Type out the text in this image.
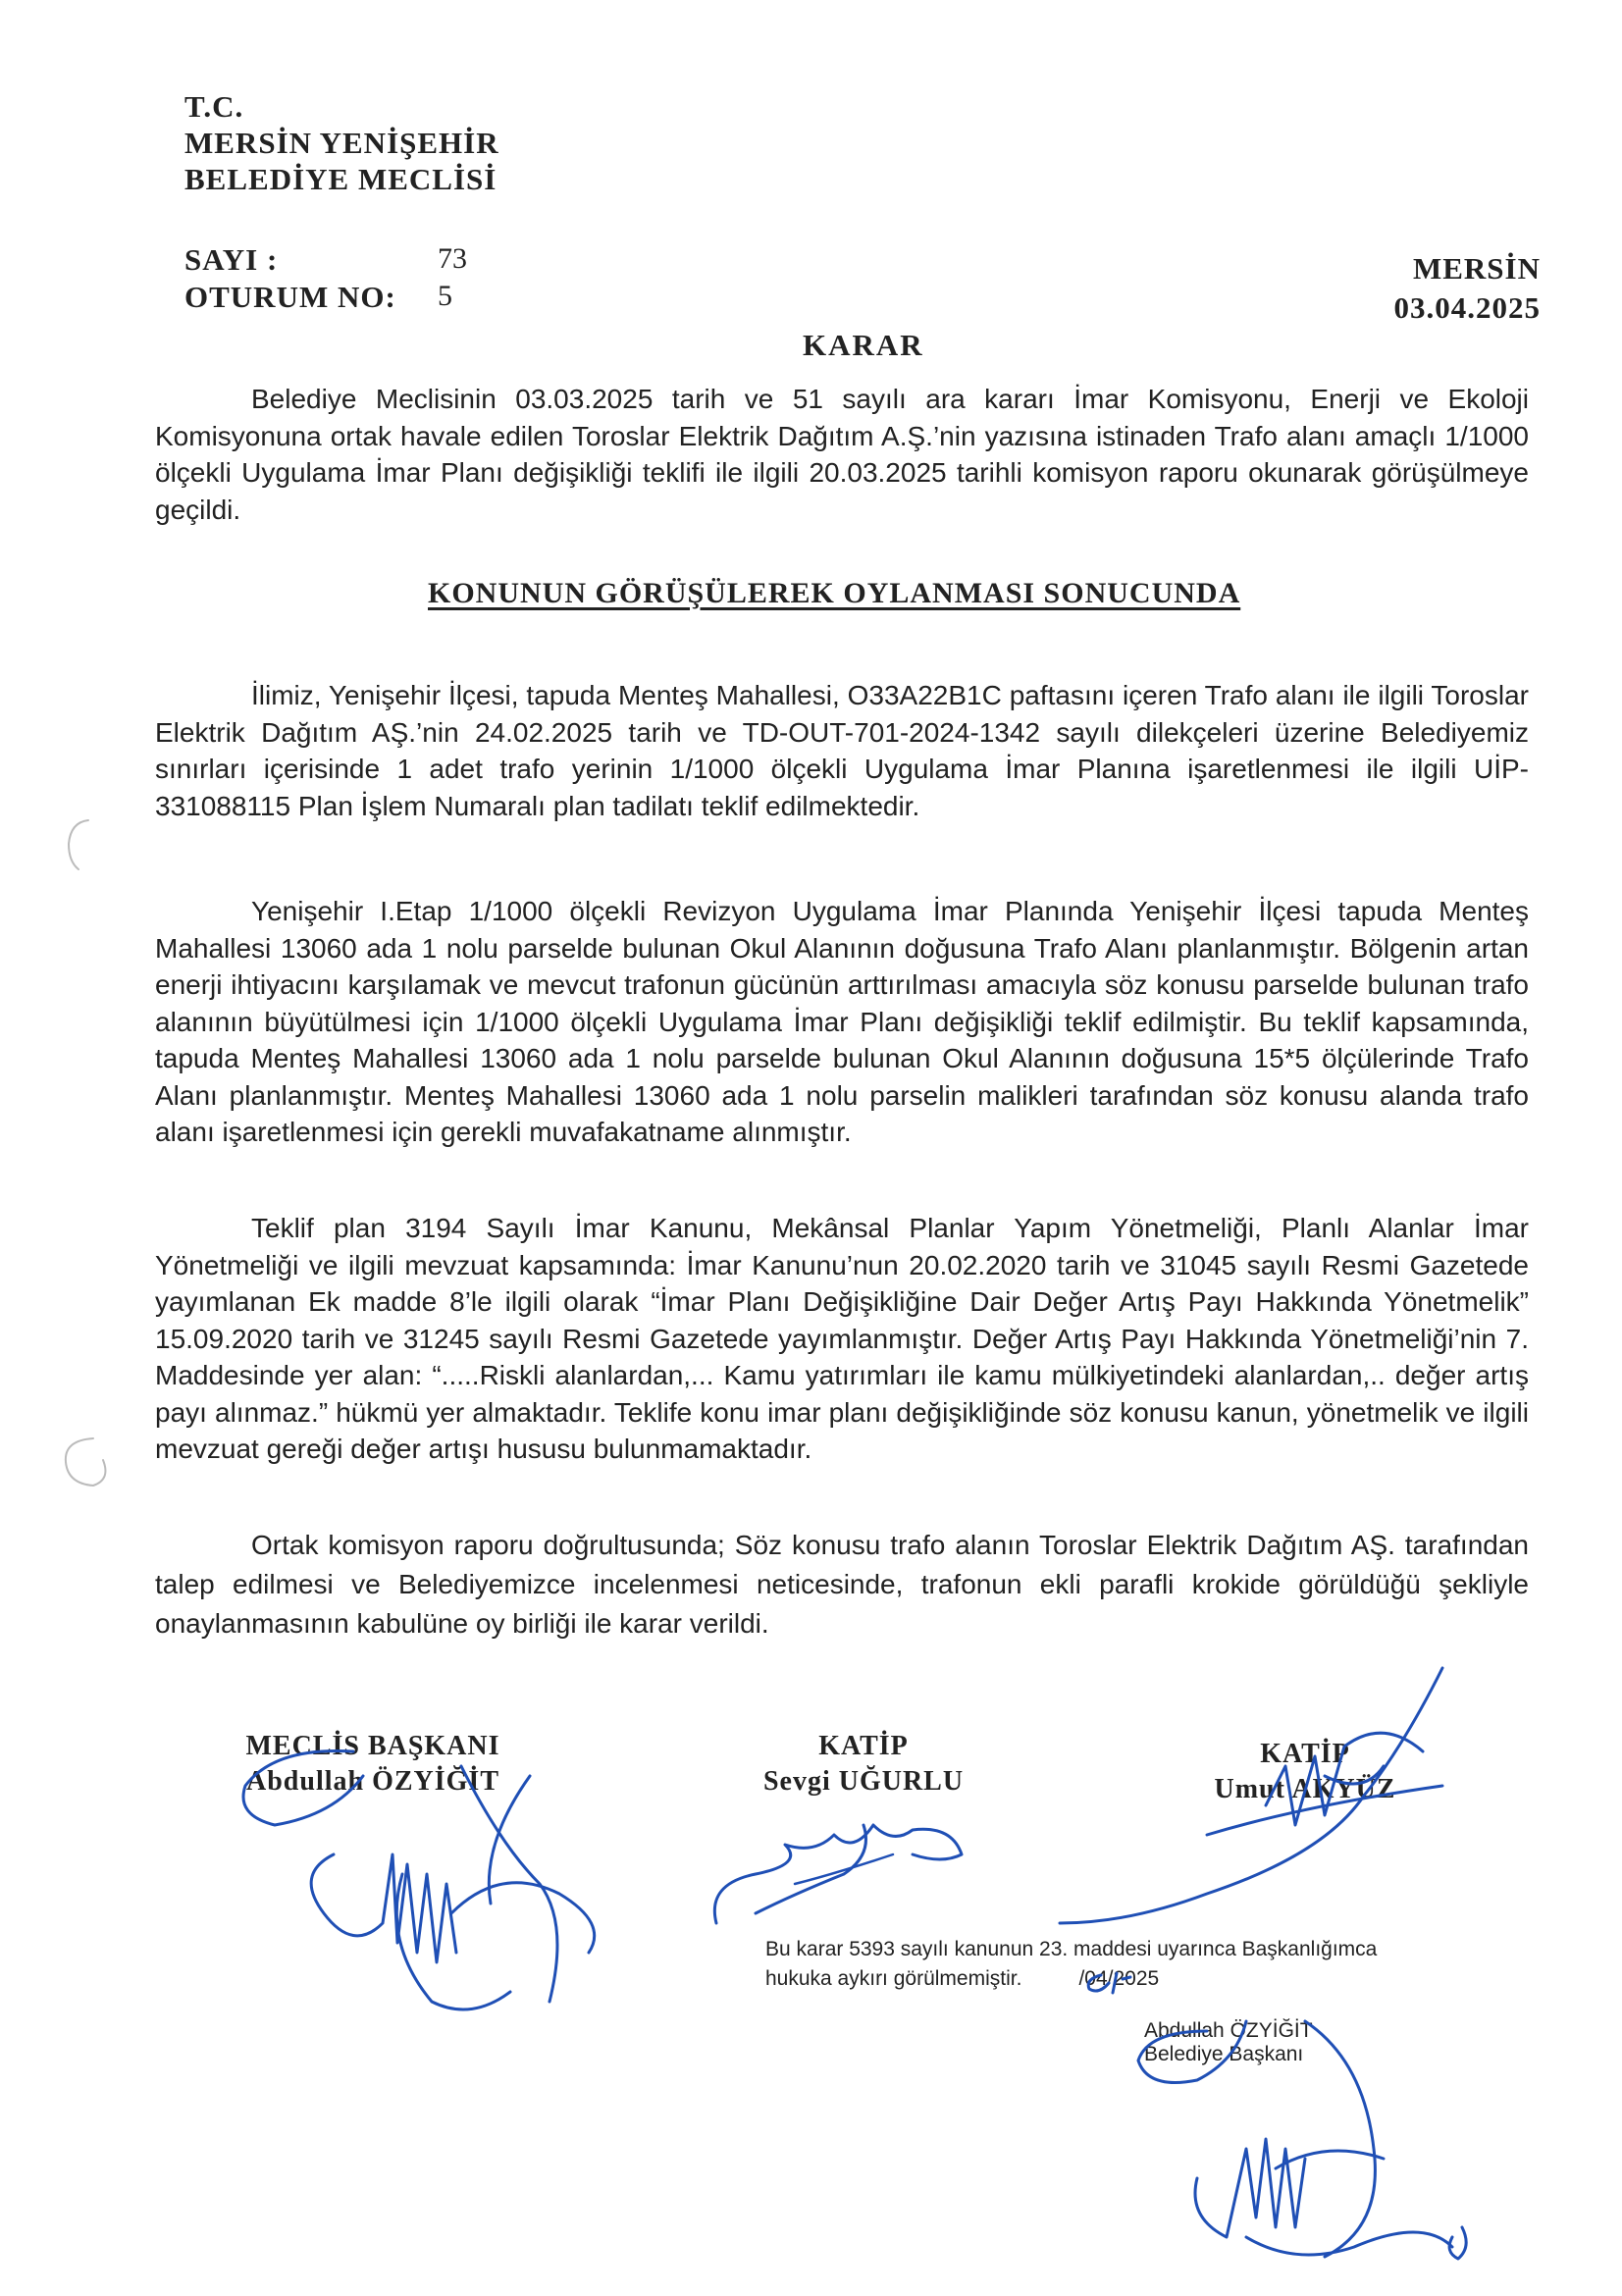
T.C.
MERSİN YENİŞEHİR
BELEDİYE MECLİSİ
SAYI :	73
OTURUM NO: 5
MERSİN
03.04.2025
KARAR

Belediye Meclisinin 03.03.2025 tarih ve 51 sayılı ara kararı İmar Komisyonu, Enerji ve Ekoloji Komisyonuna ortak havale edilen Toroslar Elektrik Dağıtım A.Ş.’nin yazısına istinaden Trafo alanı amaçlı 1/1000 ölçekli Uygulama İmar Planı değişikliği teklifi ile ilgili 20.03.2025 tarihli komisyon raporu okunarak görüşülmeye geçildi.

KONUNUN GÖRÜŞÜLEREK OYLANMASI SONUCUNDA

İlimiz, Yenişehir İlçesi, tapuda Menteş Mahallesi, O33A22B1C paftasını içeren Trafo alanı ile ilgili Toroslar Elektrik Dağıtım AŞ.’nin 24.02.2025 tarih ve TD-OUT-701-2024-1342 sayılı dilekçeleri üzerine Belediyemiz sınırları içerisinde 1 adet trafo yerinin 1/1000 ölçekli Uygulama İmar Planına işaretlenmesi ile ilgili UİP-331088115 Plan İşlem Numaralı plan tadilatı teklif edilmektedir.

Yenişehir I.Etap 1/1000 ölçekli Revizyon Uygulama İmar Planında Yenişehir İlçesi tapuda Menteş Mahallesi 13060 ada 1 nolu parselde bulunan Okul Alanının doğusuna Trafo Alanı planlanmıştır. Bölgenin artan enerji ihtiyacını karşılamak ve mevcut trafonun gücünün arttırılması amacıyla söz konusu parselde bulunan trafo alanının büyütülmesi için 1/1000 ölçekli Uygulama İmar Planı değişikliği teklif edilmiştir. Bu teklif kapsamında, tapuda Menteş Mahallesi 13060 ada 1 nolu parselde bulunan Okul Alanının doğusuna 15*5 ölçülerinde Trafo Alanı planlanmıştır. Menteş Mahallesi 13060 ada 1 nolu parselin malikleri tarafından söz konusu alanda trafo alanı işaretlenmesi için gerekli muvafakatname alınmıştır.

Teklif plan 3194 Sayılı İmar Kanunu, Mekânsal Planlar Yapım Yönetmeliği, Planlı Alanlar İmar Yönetmeliği ve ilgili mevzuat kapsamında: İmar Kanunu’nun 20.02.2020 tarih ve 31045 sayılı Resmi Gazetede yayımlanan Ek madde 8’le ilgili olarak “İmar Planı Değişikliğine Dair Değer Artış Payı Hakkında Yönetmelik” 15.09.2020 tarih ve 31245 sayılı Resmi Gazetede yayımlanmıştır. Değer Artış Payı Hakkında Yönetmeliği’nin 7. Maddesinde yer alan: “.....Riskli alanlardan,... Kamu yatırımları ile kamu mülkiyetindeki alanlardan,.. değer artış payı alınmaz.” hükmü yer almaktadır. Teklife konu imar planı değişikliğinde söz konusu kanun, yönetmelik ve ilgili mevzuat gereği değer artışı hususu bulunmamaktadır.

Ortak komisyon raporu doğrultusunda; Söz konusu trafo alanın Toroslar Elektrik Dağıtım AŞ. tarafından talep edilmesi ve Belediyemizce incelenmesi neticesinde, trafonun ekli parafli krokide görüldüğü şekliyle onaylanmasının kabulüne oy birliği ile karar verildi.

MECLİS BAŞKANI
Abdullah ÖZYİĞİT
KATİP
Sevgi UĞURLU
KATİP
Umut AKYÜZ
Bu karar 5393 sayılı kanunun 23. maddesi uyarınca Başkanlığımca
hukuka aykırı görülmemiştir.	/04/2025
Abdullah ÖZYİĞİT
Belediye Başkanı
